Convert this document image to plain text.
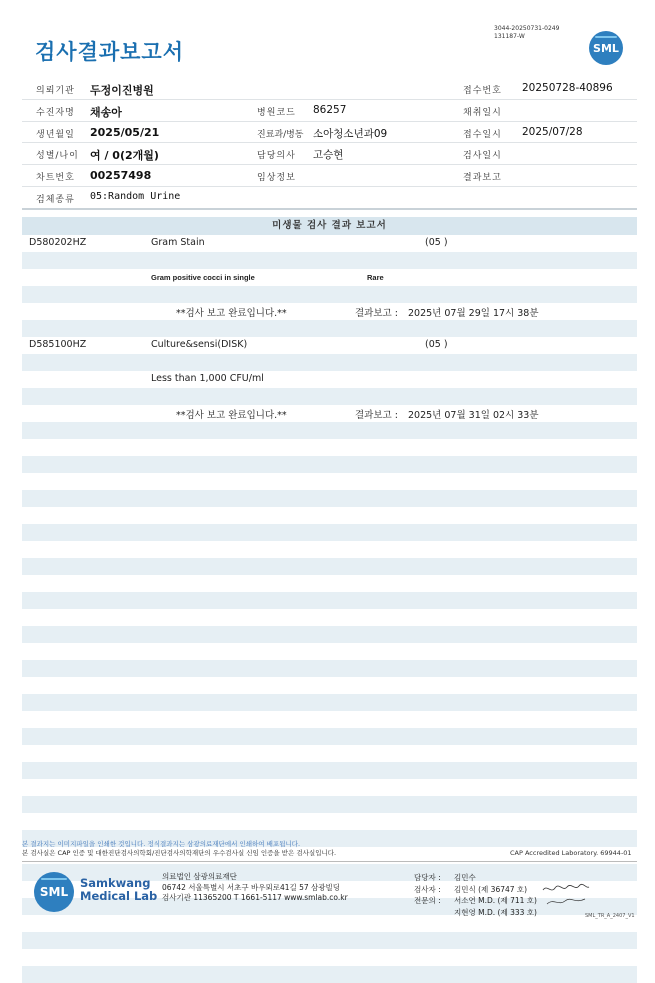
검사결과보고서
3044-20250731-0249
131187-W
SML
의뢰기관 두정이진병원	접수번호 20250728-40896
수진자명 채송아	병원코드 86257	채취일시
생년월일 2025/05/21	진료과/병동 소아청소년과09	접수일시 2025/07/28
성별/나이 여 / 0(2개월)	담당의사 고승현	검사일시
차트번호 00257498	임상정보	결과보고
검체종류 05:Random Urine
미생물 검사 결과 보고서
D580202HZ	Gram Stain	(05 )
Gram positive cocci in single	Rare
**검사 보고 완료입니다.**	결과보고 : 2025년 07월 29일 17시 38분
D585100HZ	Culture&sensi(DISK)	(05 )
Less than 1,000 CFU/ml
**검사 보고 완료입니다.**	결과보고 : 2025년 07월 31일 02시 33분
본 결과지는 이미지파일을 인쇄한 것입니다. 정식결과지는 삼광의료재단에서 인쇄하여 배포됩니다.
본 검사실은 CAP 인증 및 대한진단검사의학회/진단검사의학재단의 우수검사실 신임 인증을 받은 검사실입니다.	CAP Accredited Laboratory. 69944-01
SML
Samkwang
Medical Lab
의료법인 삼광의료재단
06742 서울특별시 서초구 바우뫼로41길 57 삼광빌딩
검사기관 11365200 T 1661-5117 www.smlab.co.kr
담당자 : 김민수
검사자 : 김민식 (제 36747 호)
전문의 : 서소연 M.D. (제 711 호)
지현영 M.D. (제 333 호)	SML_TR_A_2407_V1
